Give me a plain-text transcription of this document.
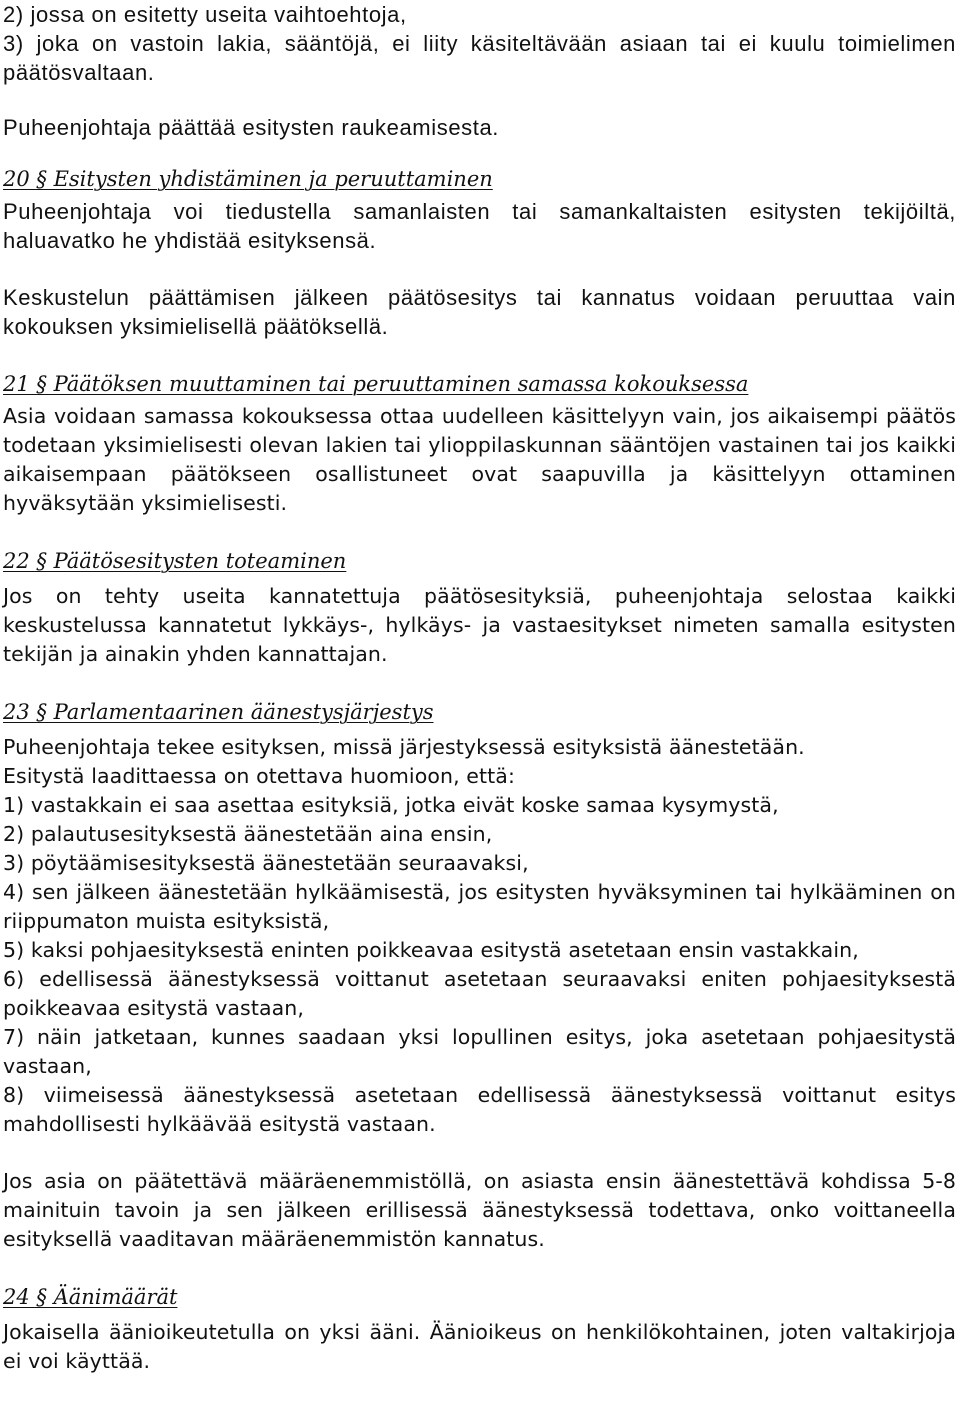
2) jossa on esitetty useita vaihtoehtoja,

3) joka on vastoin lakia, sääntöjä, ei liity käsiteltävään asiaan tai ei kuulu toimielimen päätösvaltaan.

Puheenjohtaja päättää esitysten raukeamisesta.

20 § Esitysten yhdistäminen ja peruuttaminen

Puheenjohtaja voi tiedustella samanlaisten tai samankaltaisten esitysten tekijöiltä, haluavatko he yhdistää esityksensä.

Keskustelun päättämisen jälkeen päätösesitys tai kannatus voidaan peruuttaa vain kokouksen yksimielisellä päätöksellä.

21 § Päätöksen muuttaminen tai peruuttaminen samassa kokouksessa

Asia voidaan samassa kokouksessa ottaa uudelleen käsittelyyn vain, jos aikaisempi päätös todetaan yksimielisesti olevan lakien tai ylioppilaskunnan sääntöjen vastainen tai jos kaikki aikaisempaan päätökseen osallistuneet ovat saapuvilla ja käsittelyyn ottaminen hyväksytään yksimielisesti.

22 § Päätösesitysten toteaminen

Jos on tehty useita kannatettuja päätösesityksiä, puheenjohtaja selostaa kaikki keskustelussa kannatetut lykkäys-, hylkäys- ja vastaesitykset nimeten samalla esitysten tekijän ja ainakin yhden kannattajan.

23 § Parlamentaarinen äänestysjärjestys

Puheenjohtaja tekee esityksen, missä järjestyksessä esityksistä äänestetään.

Esitystä laadittaessa on otettava huomioon, että:

1) vastakkain ei saa asettaa esityksiä, jotka eivät koske samaa kysymystä,

2) palautusesityksestä äänestetään aina ensin,

3) pöytäämisesityksestä äänestetään seuraavaksi,

4) sen jälkeen äänestetään hylkäämisestä, jos esitysten hyväksyminen tai hylkääminen on riippumaton muista esityksistä,

5) kaksi pohjaesityksestä eninten poikkeavaa esitystä asetetaan ensin vastakkain,

6) edellisessä äänestyksessä voittanut asetetaan seuraavaksi eniten pohjaesityksestä poikkeavaa esitystä vastaan,

7) näin jatketaan, kunnes saadaan yksi lopullinen esitys, joka asetetaan pohjaesitystä vastaan,

8) viimeisessä äänestyksessä asetetaan edellisessä äänestyksessä voittanut esitys mahdollisesti hylkäävää esitystä vastaan.

Jos asia on päätettävä määräenemmistöllä, on asiasta ensin äänestettävä kohdissa 5-8 mainituin tavoin ja sen jälkeen erillisessä äänestyksessä todettava, onko voittaneella esityksellä vaaditavan määräenemmistön kannatus.

24 § Äänimäärät

Jokaisella äänioikeutetulla on yksi ääni. Äänioikeus on henkilökohtainen, joten valtakirjoja ei voi käyttää.
